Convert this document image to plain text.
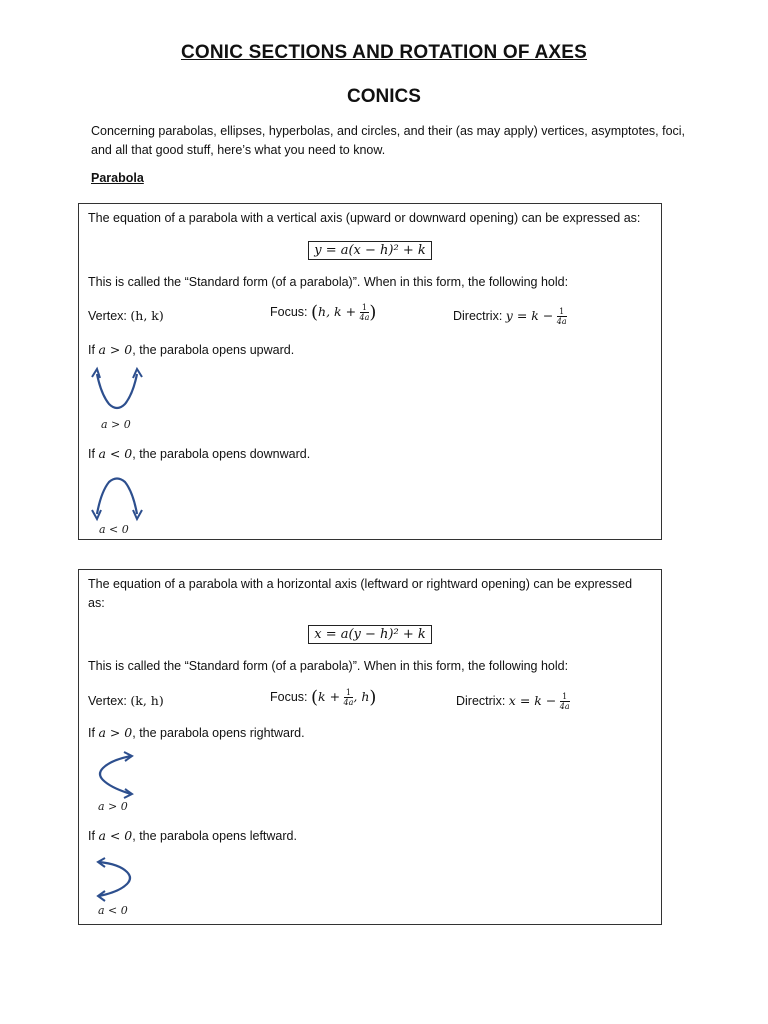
CONIC SECTIONS AND ROTATION OF AXES
CONICS
Concerning parabolas, ellipses, hyperbolas, and circles, and their (as may apply) vertices, asymptotes, foci, and all that good stuff, here’s what you need to know.
Parabola
The equation of a parabola with a vertical axis (upward or downward opening) can be expressed as:
y = a(x − h)² + k
This is called the “Standard form (of a parabola)”. When in this form, the following hold:
Vertex: (h, k)	Focus: (h, $k + \frac{1}{4a}$ )	Directrix: $y = k - \frac{1}{4a}$
If a > 0, the parabola opens upward.
a > 0
If a < 0, the parabola opens downward.
a < 0
The equation of a parabola with a horizontal axis (leftward or rightward opening) can be expressed as:
x = a(y − h)² + k
This is called the “Standard form (of a parabola)”. When in this form, the following hold:
Vertex: (k, h)	Focus: ($k + \frac{1}{4a}$ , h)	Directrix: $x = k - \frac{1}{4a}$
If a > 0, the parabola opens rightward.
a > 0
If a < 0, the parabola opens leftward.
a < 0
